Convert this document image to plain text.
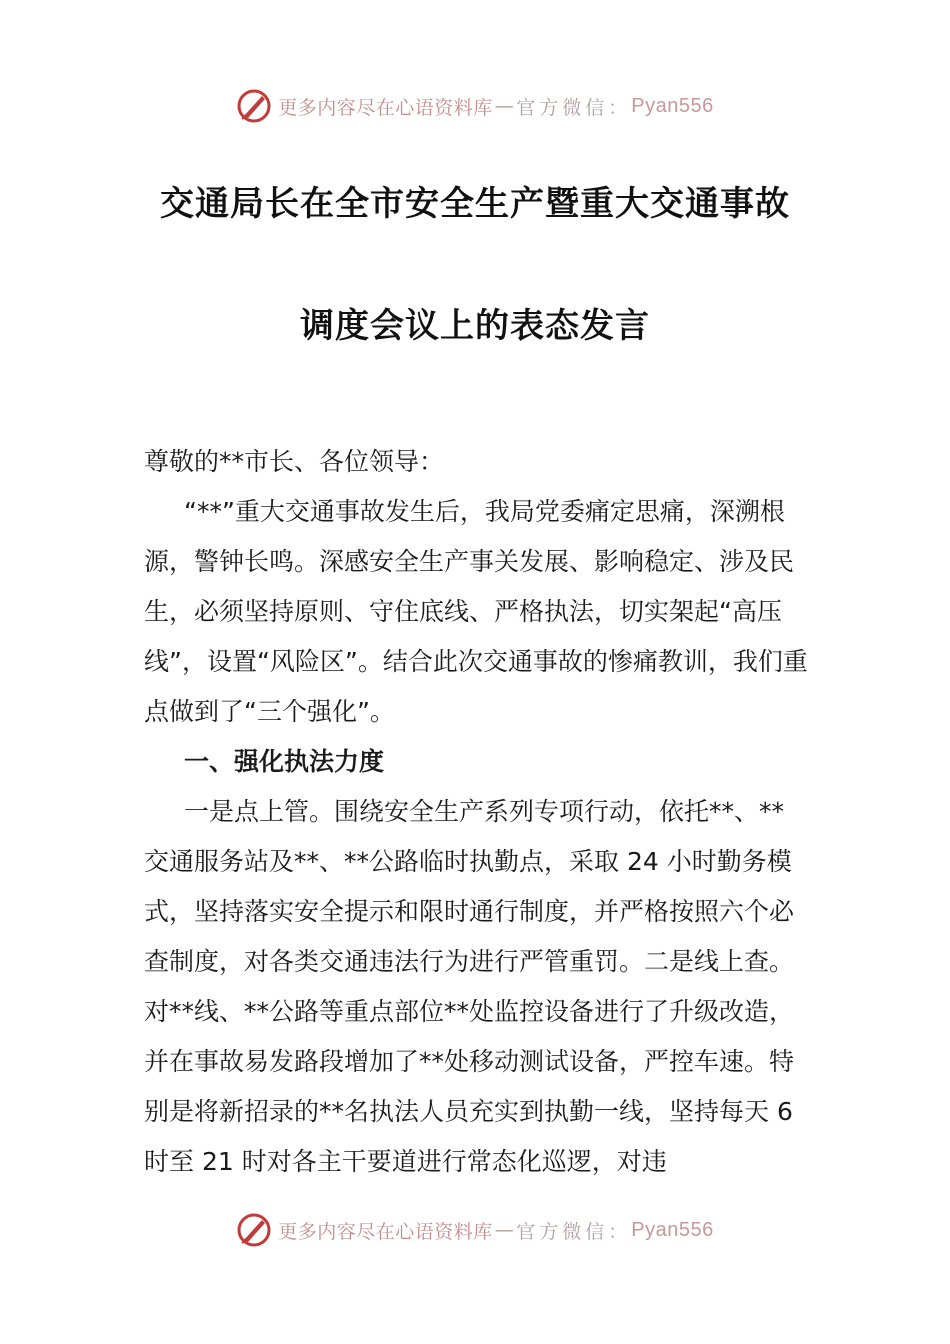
更多内容尽在心语资料库 — 官方微信： Pyan556
交通局长在全市安全生产暨重大交通事故
调度会议上的表态发言

尊敬的**市长、各位领导：

“**”重大交通事故发生后，我局党委痛定思痛，深溯根源，警钟长鸣。深感安全生产事关发展、影响稳定、涉及民生，必须坚持原则、守住底线、严格执法，切实架起“高压线”，设置“风险区”。结合此次交通事故的惨痛教训，我们重点做到了“三个强化”。

一、强化执法力度

一是点上管。围绕安全生产系列专项行动，依托**、**交通服务站及**、**公路临时执勤点，采取 24 小时勤务模式，坚持落实安全提示和限时通行制度，并严格按照六个必查制度，对各类交通违法行为进行严管重罚。二是线上查。对**线、**公路等重点部位**处监控设备进行了升级改造，并在事故易发路段增加了**处移动测试设备，严控车速。特别是将新招录的**名执法人员充实到执勤一线，坚持每天 6 时至 21 时对各主干要道进行常态化巡逻，对违

更多内容尽在心语资料库 — 官方微信： Pyan556
